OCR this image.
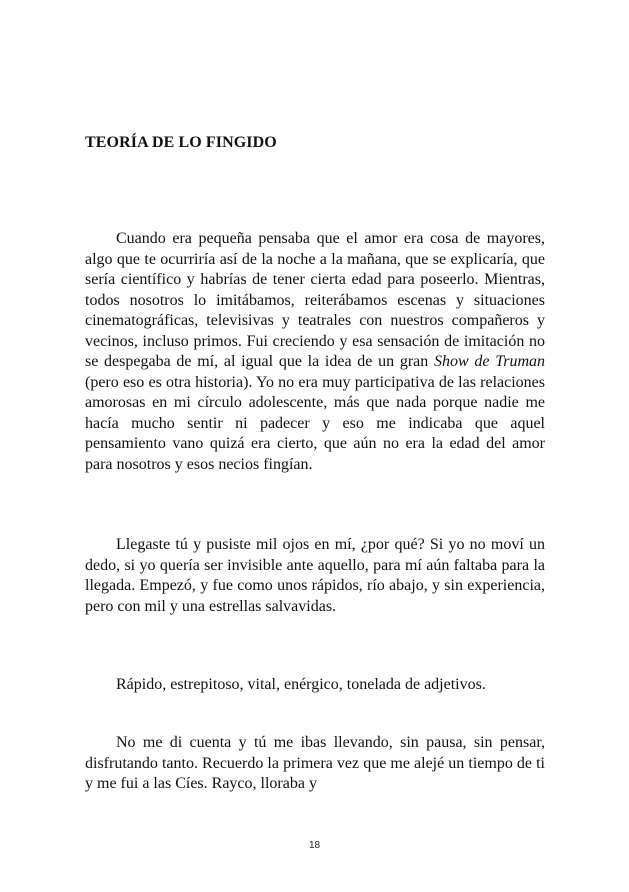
TEORÍA DE LO FINGIDO

Cuando era pequeña pensaba que el amor era cosa de mayores, algo que te ocurriría así de la noche a la mañana, que se explicaría, que sería científico y habrías de tener cierta edad para poseerlo. Mientras, todos nosotros lo imitábamos, reiterábamos escenas y situaciones cinematográficas, televisivas y teatrales con nuestros compañeros y vecinos, incluso primos. Fui creciendo y esa sensación de imitación no se despegaba de mí, al igual que la idea de un gran Show de Truman (pero eso es otra historia). Yo no era muy participativa de las relaciones amorosas en mi círculo adolescente, más que nada porque nadie me hacía mucho sentir ni padecer y eso me indicaba que aquel pensamiento vano quizá era cierto, que aún no era la edad del amor para nosotros y esos necios fingían.

Llegaste tú y pusiste mil ojos en mí, ¿por qué? Si yo no moví un dedo, si yo quería ser invisible ante aquello, para mí aún faltaba para la llegada. Empezó, y fue como unos rápidos, río abajo, y sin experiencia, pero con mil y una estrellas salvavidas.

Rápido, estrepitoso, vital, enérgico, tonelada de adjetivos.

No me di cuenta y tú me ibas llevando, sin pausa, sin pensar, disfrutando tanto. Recuerdo la primera vez que me alejé un tiempo de ti y me fui a las Cíes. Rayco, lloraba y

18
